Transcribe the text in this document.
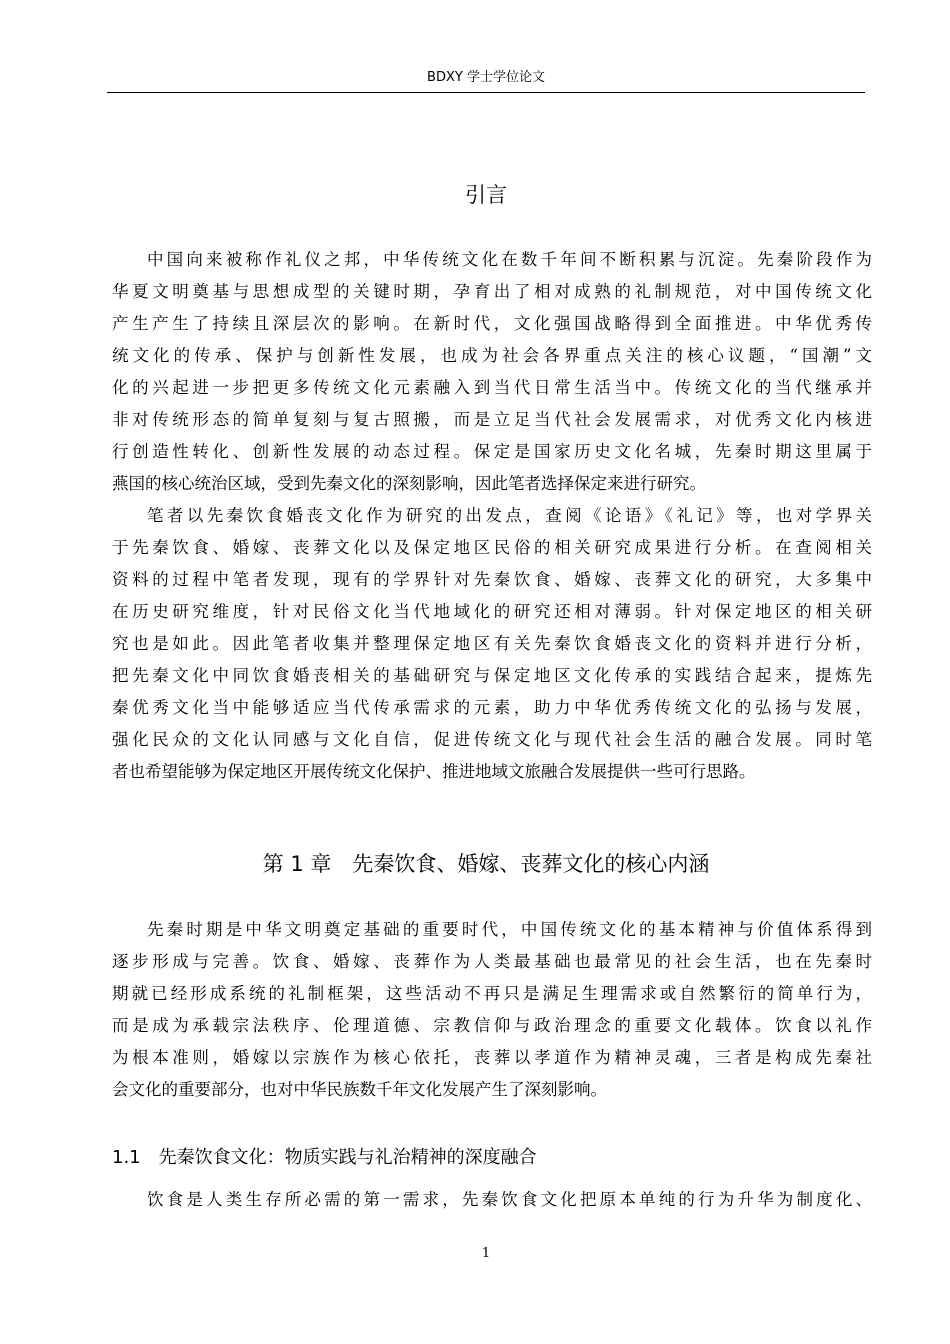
BDXY 学士学位论文
引言
中国向来被称作礼仪之邦，中华传统文化在数千年间不断积累与沉淀。先秦阶段作为
华夏文明奠基与思想成型的关键时期，孕育出了相对成熟的礼制规范，对中国传统文化
产生产生了持续且深层次的影响。在新时代，文化强国战略得到全面推进。中华优秀传
统文化的传承、保护与创新性发展，也成为社会各界重点关注的核心议题，“国潮”文
化的兴起进一步把更多传统文化元素融入到当代日常生活当中。传统文化的当代继承并
非对传统形态的简单复刻与复古照搬，而是立足当代社会发展需求，对优秀文化内核进
行创造性转化、创新性发展的动态过程。保定是国家历史文化名城，先秦时期这里属于
燕国的核心统治区域，受到先秦文化的深刻影响，因此笔者选择保定来进行研究。
笔者以先秦饮食婚丧文化作为研究的出发点，查阅《论语》《礼记》等，也对学界关
于先秦饮食、婚嫁、丧葬文化以及保定地区民俗的相关研究成果进行分析。在查阅相关
资料的过程中笔者发现，现有的学界针对先秦饮食、婚嫁、丧葬文化的研究，大多集中
在历史研究维度，针对民俗文化当代地域化的研究还相对薄弱。针对保定地区的相关研
究也是如此。因此笔者收集并整理保定地区有关先秦饮食婚丧文化的资料并进行分析，
把先秦文化中同饮食婚丧相关的基础研究与保定地区文化传承的实践结合起来，提炼先
秦优秀文化当中能够适应当代传承需求的元素，助力中华优秀传统文化的弘扬与发展，
强化民众的文化认同感与文化自信，促进传统文化与现代社会生活的融合发展。同时笔
者也希望能够为保定地区开展传统文化保护、推进地域文旅融合发展提供一些可行思路。
第 1 章　先秦饮食、婚嫁、丧葬文化的核心内涵
先秦时期是中华文明奠定基础的重要时代，中国传统文化的基本精神与价值体系得到
逐步形成与完善。饮食、婚嫁、丧葬作为人类最基础也最常见的社会生活，也在先秦时
期就已经形成系统的礼制框架，这些活动不再只是满足生理需求或自然繁衍的简单行为，
而是成为承载宗法秩序、伦理道德、宗教信仰与政治理念的重要文化载体。饮食以礼作
为根本准则，婚嫁以宗族作为核心依托，丧葬以孝道作为精神灵魂，三者是构成先秦社
会文化的重要部分，也对中华民族数千年文化发展产生了深刻影响。
1.1　先秦饮食文化：物质实践与礼治精神的深度融合
饮食是人类生存所必需的第一需求，先秦饮食文化把原本单纯的行为升华为制度化、
1
